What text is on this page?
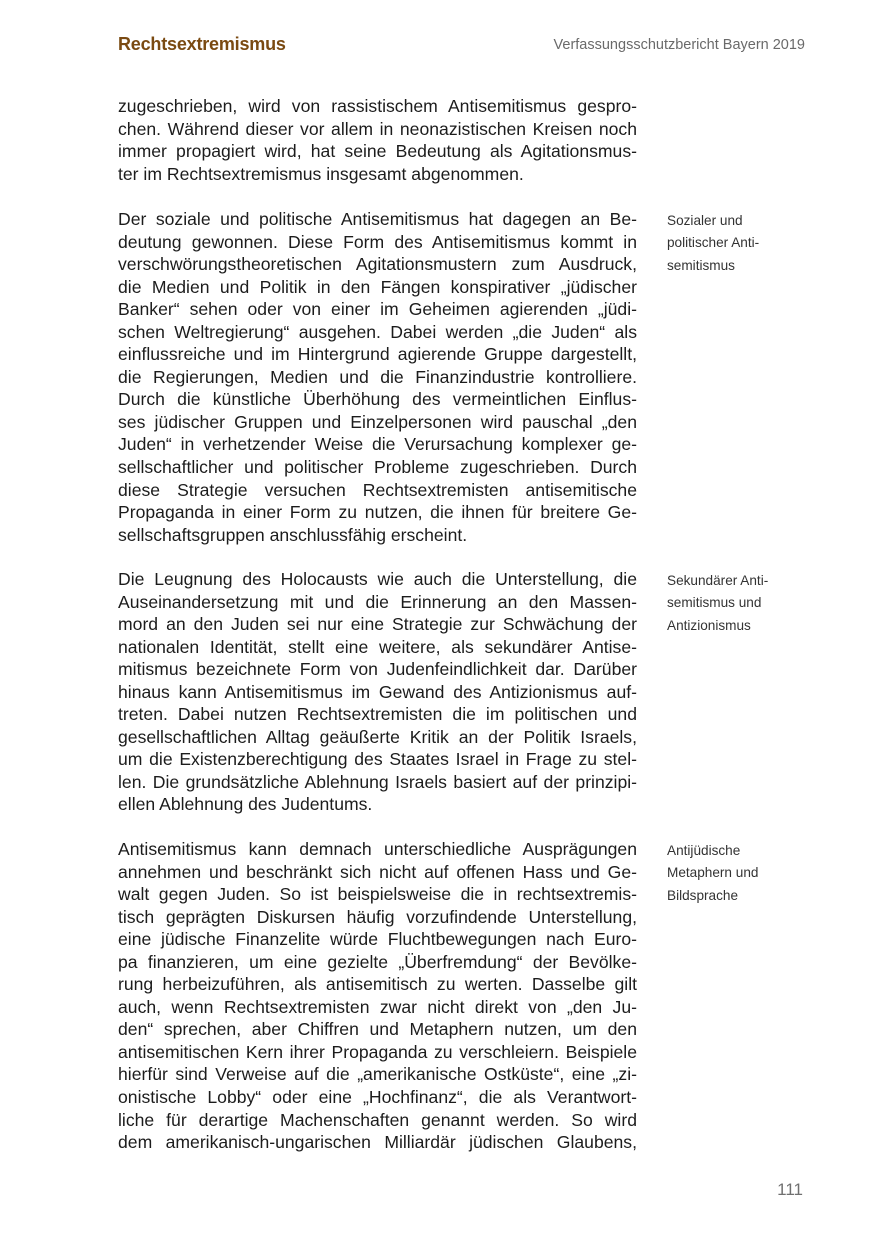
Rechtsextremismus	Verfassungsschutzbericht Bayern 2019
zugeschrieben, wird von rassistischem Antisemitismus gespro-
chen. Während dieser vor allem in neonazistischen Kreisen noch
immer propagiert wird, hat seine Bedeutung als Agitationsmus-
ter im Rechtsextremismus insgesamt abgenommen.
Der soziale und politische Antisemitismus hat dagegen an Be-
deutung gewonnen. Diese Form des Antisemitismus kommt in
verschwörungstheoretischen Agitationsmustern zum Ausdruck,
die Medien und Politik in den Fängen konspirativer „jüdischer
Banker“ sehen oder von einer im Geheimen agierenden „jüdi-
schen Weltregierung“ ausgehen. Dabei werden „die Juden“ als
einflussreiche und im Hintergrund agierende Gruppe dargestellt,
die Regierungen, Medien und die Finanzindustrie kontrolliere.
Durch die künstliche Überhöhung des vermeintlichen Einflus-
ses jüdischer Gruppen und Einzelpersonen wird pauschal „den
Juden“ in verhetzender Weise die Verursachung komplexer ge-
sellschaftlicher und politischer Probleme zugeschrieben. Durch
diese Strategie versuchen Rechtsextremisten antisemitische
Propaganda in einer Form zu nutzen, die ihnen für breitere Ge-
sellschaftsgruppen anschlussfähig erscheint.
Die Leugnung des Holocausts wie auch die Unterstellung, die
Auseinandersetzung mit und die Erinnerung an den Massen-
mord an den Juden sei nur eine Strategie zur Schwächung der
nationalen Identität, stellt eine weitere, als sekundärer Antise-
mitismus bezeichnete Form von Judenfeindlichkeit dar. Darüber
hinaus kann Antisemitismus im Gewand des Antizionismus auf-
treten. Dabei nutzen Rechtsextremisten die im politischen und
gesellschaftlichen Alltag geäußerte Kritik an der Politik Israels,
um die Existenzberechtigung des Staates Israel in Frage zu stel-
len. Die grundsätzliche Ablehnung Israels basiert auf der prinzipi-
ellen Ablehnung des Judentums.
Antisemitismus kann demnach unterschiedliche Ausprägungen
annehmen und beschränkt sich nicht auf offenen Hass und Ge-
walt gegen Juden. So ist beispielsweise die in rechtsextremis-
tisch geprägten Diskursen häufig vorzufindende Unterstellung,
eine jüdische Finanzelite würde Fluchtbewegungen nach Euro-
pa finanzieren, um eine gezielte „Überfremdung“ der Bevölke-
rung herbeizuführen, als antisemitisch zu werten. Dasselbe gilt
auch, wenn Rechtsextremisten zwar nicht direkt von „den Ju-
den“ sprechen, aber Chiffren und Metaphern nutzen, um den
antisemitischen Kern ihrer Propaganda zu verschleiern. Beispiele
hierfür sind Verweise auf die „amerikanische Ostküste“, eine „zi-
onistische Lobby“ oder eine „Hochfinanz“, die als Verantwort-
liche für derartige Machenschaften genannt werden. So wird
dem amerikanisch-ungarischen Milliardär jüdischen Glaubens,
Sozialer und
politischer Anti-
semitismus
Sekundärer Anti-
semitismus und
Antizionismus
Antijüdische
Metaphern und
Bildsprache
111
